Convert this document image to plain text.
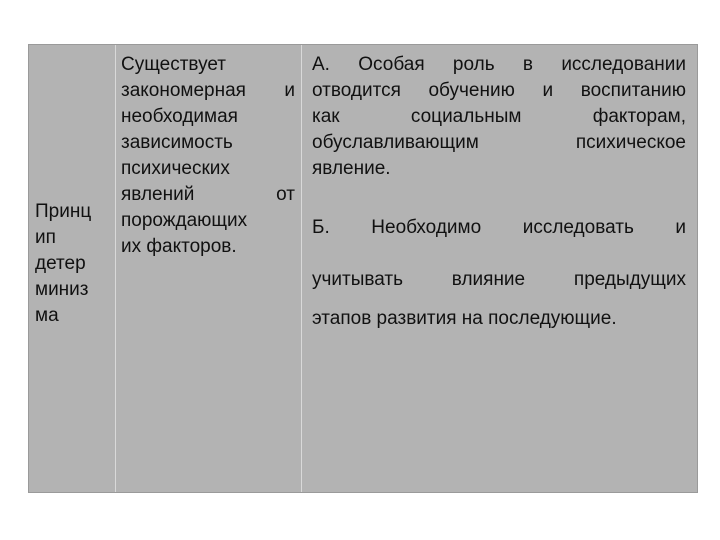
Принц
ип
детер
миниз
ма
Существует
закономерная и
необходимая
зависимость
психических
явлений от
порождающих
их факторов.
А. Особая роль в исследовании
отводится обучению и воспитанию
как социальным факторам,
обуславливающим психическое
явление.
Б. Необходимо исследовать и
учитывать влияние предыдущих
этапов развития на последующие.
